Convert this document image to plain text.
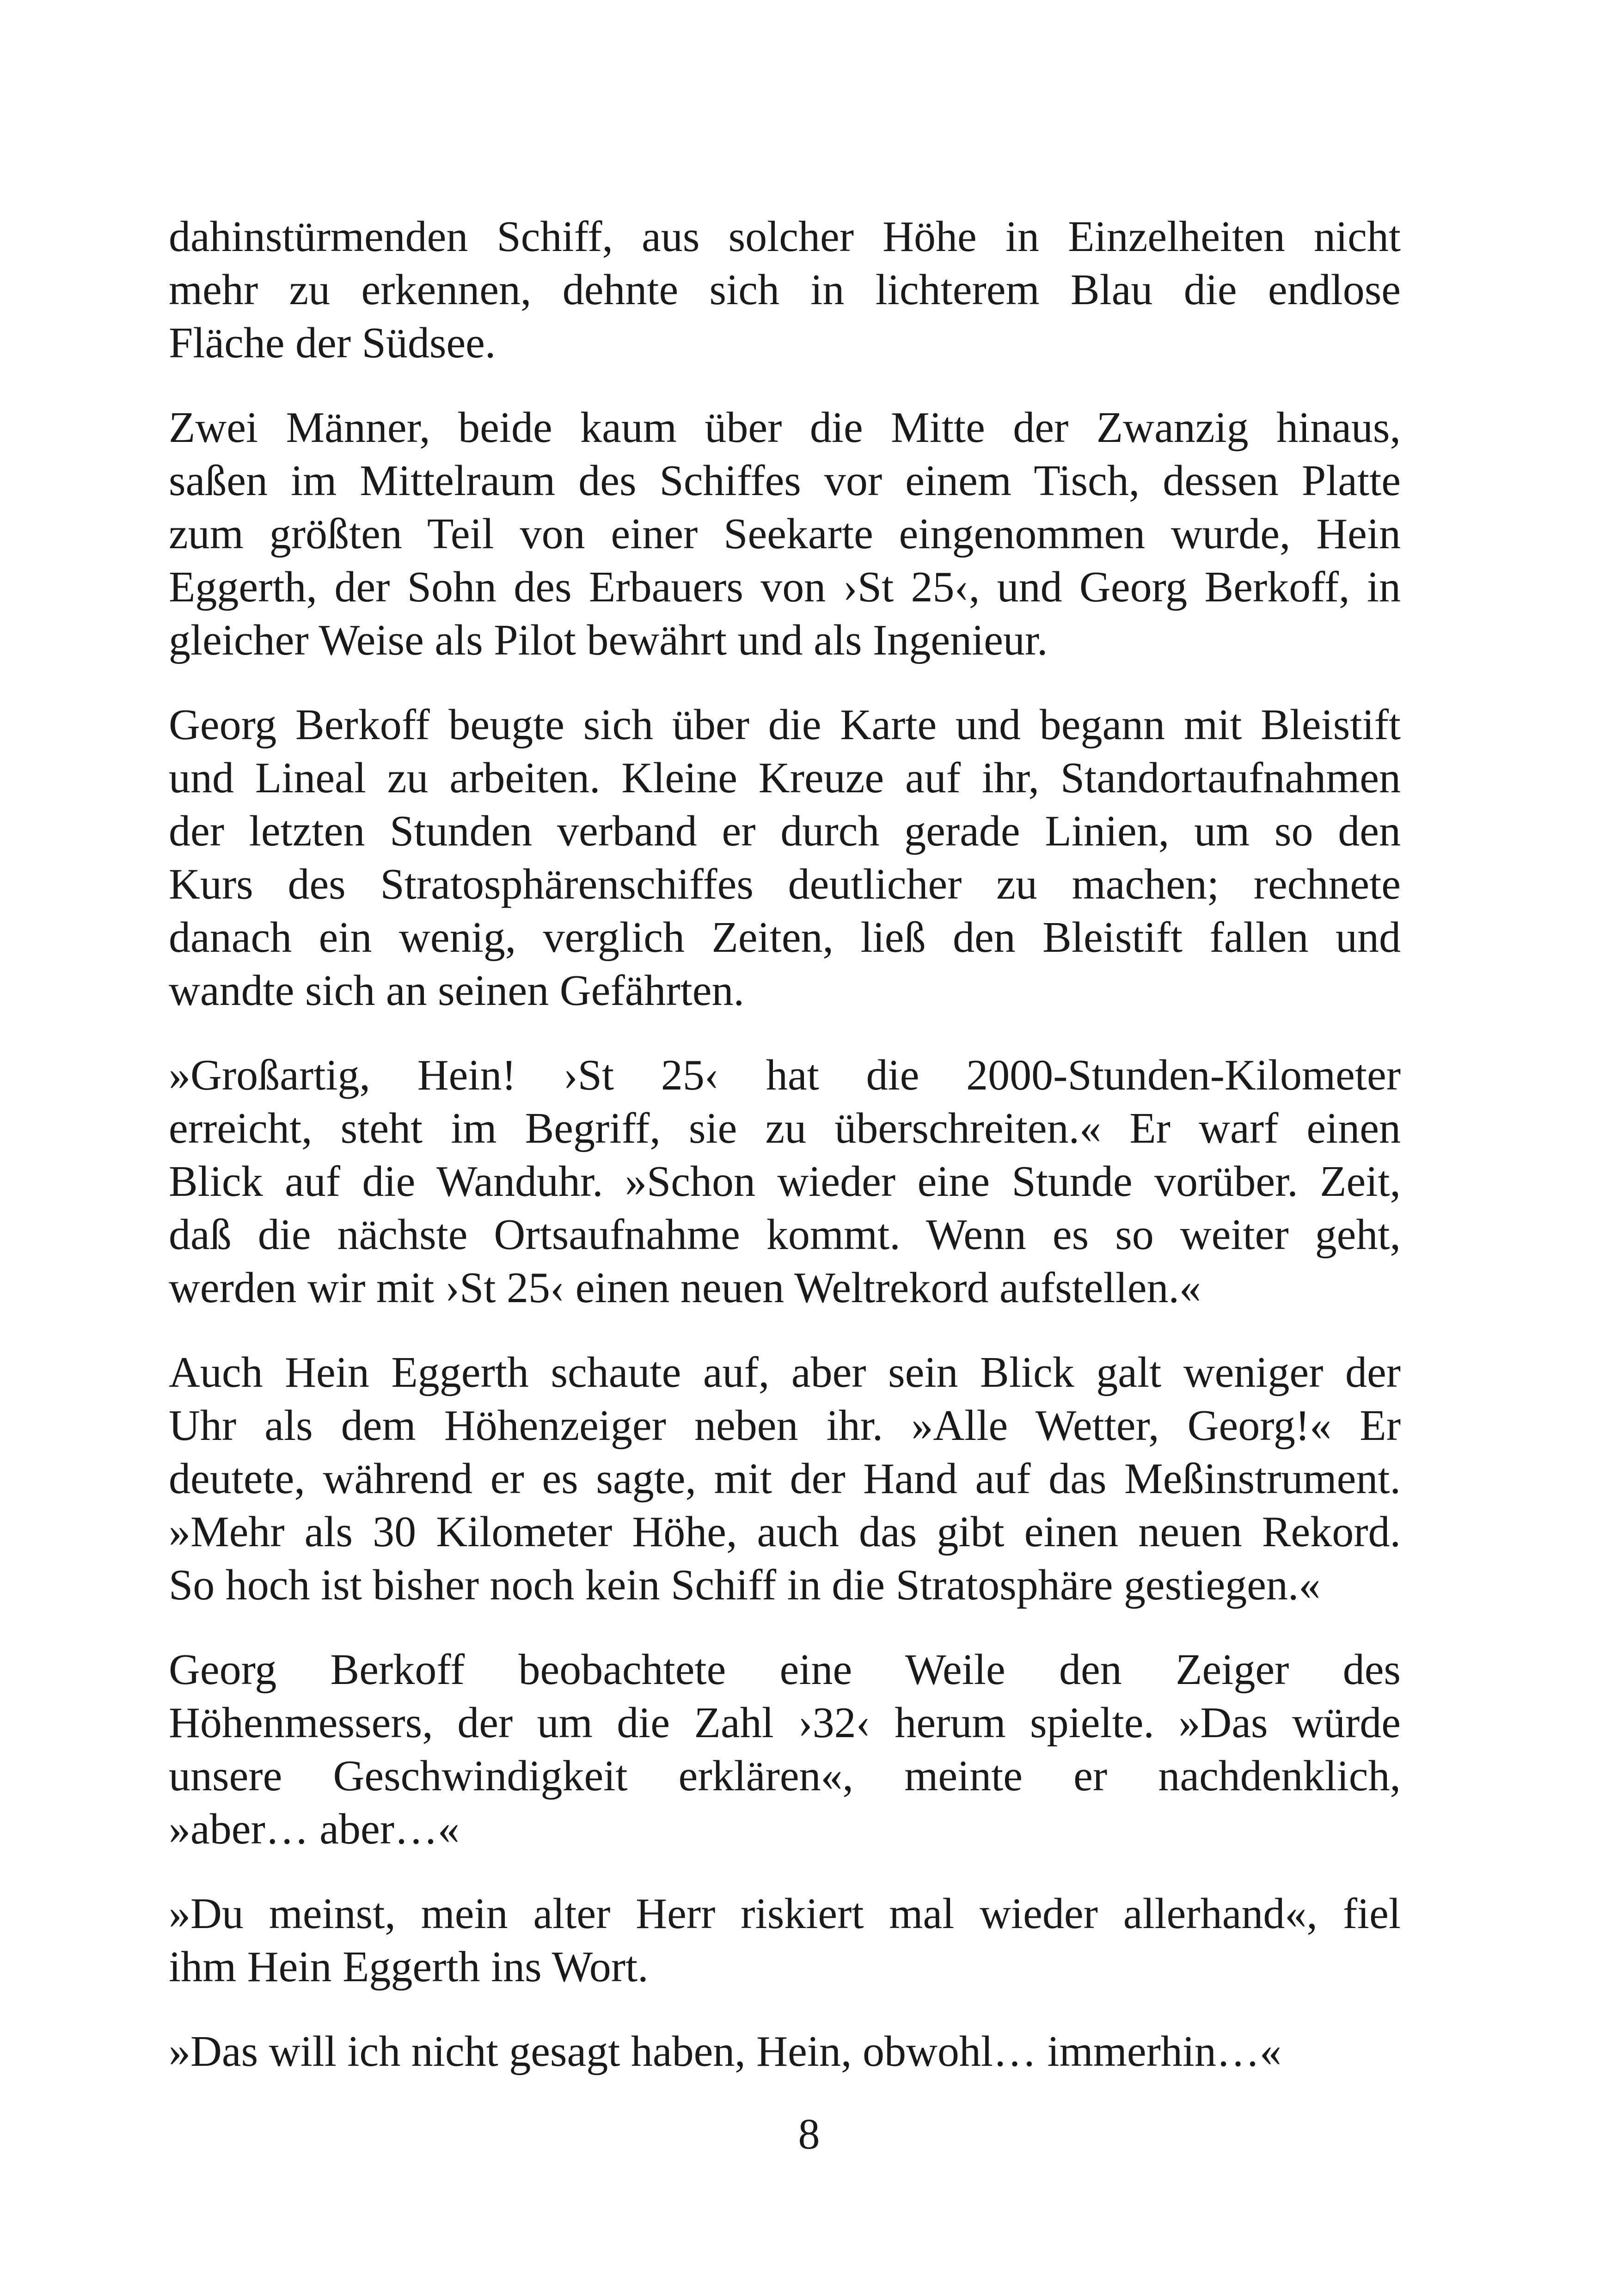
dahinstürmenden Schiff, aus solcher Höhe in Einzelheiten nicht
mehr zu erkennen, dehnte sich in lichterem Blau die endlose
Fläche der Südsee.

Zwei Männer, beide kaum über die Mitte der Zwanzig hinaus,
saßen im Mittelraum des Schiffes vor einem Tisch, dessen Platte
zum größten Teil von einer Seekarte eingenommen wurde, Hein
Eggerth, der Sohn des Erbauers von ›St 25‹, und Georg Berkoff, in
gleicher Weise als Pilot bewährt und als Ingenieur.

Georg Berkoff beugte sich über die Karte und begann mit Bleistift
und Lineal zu arbeiten. Kleine Kreuze auf ihr, Standortaufnahmen
der letzten Stunden verband er durch gerade Linien, um so den
Kurs des Stratosphärenschiffes deutlicher zu machen; rechnete
danach ein wenig, verglich Zeiten, ließ den Bleistift fallen und
wandte sich an seinen Gefährten.

»Großartig, Hein! ›St 25‹ hat die 2000-Stunden-Kilometer
erreicht, steht im Begriff, sie zu überschreiten.« Er warf einen
Blick auf die Wanduhr. »Schon wieder eine Stunde vorüber. Zeit,
daß die nächste Ortsaufnahme kommt. Wenn es so weiter geht,
werden wir mit ›St 25‹ einen neuen Weltrekord aufstellen.«

Auch Hein Eggerth schaute auf, aber sein Blick galt weniger der
Uhr als dem Höhenzeiger neben ihr. »Alle Wetter, Georg!« Er
deutete, während er es sagte, mit der Hand auf das Meßinstrument.
»Mehr als 30 Kilometer Höhe, auch das gibt einen neuen Rekord.
So hoch ist bisher noch kein Schiff in die Stratosphäre gestiegen.«

Georg Berkoff beobachtete eine Weile den Zeiger des
Höhenmessers, der um die Zahl ›32‹ herum spielte. »Das würde
unsere Geschwindigkeit erklären«, meinte er nachdenklich,
»aber… aber…«

»Du meinst, mein alter Herr riskiert mal wieder allerhand«, fiel
ihm Hein Eggerth ins Wort.

»Das will ich nicht gesagt haben, Hein, obwohl… immerhin…«

8
